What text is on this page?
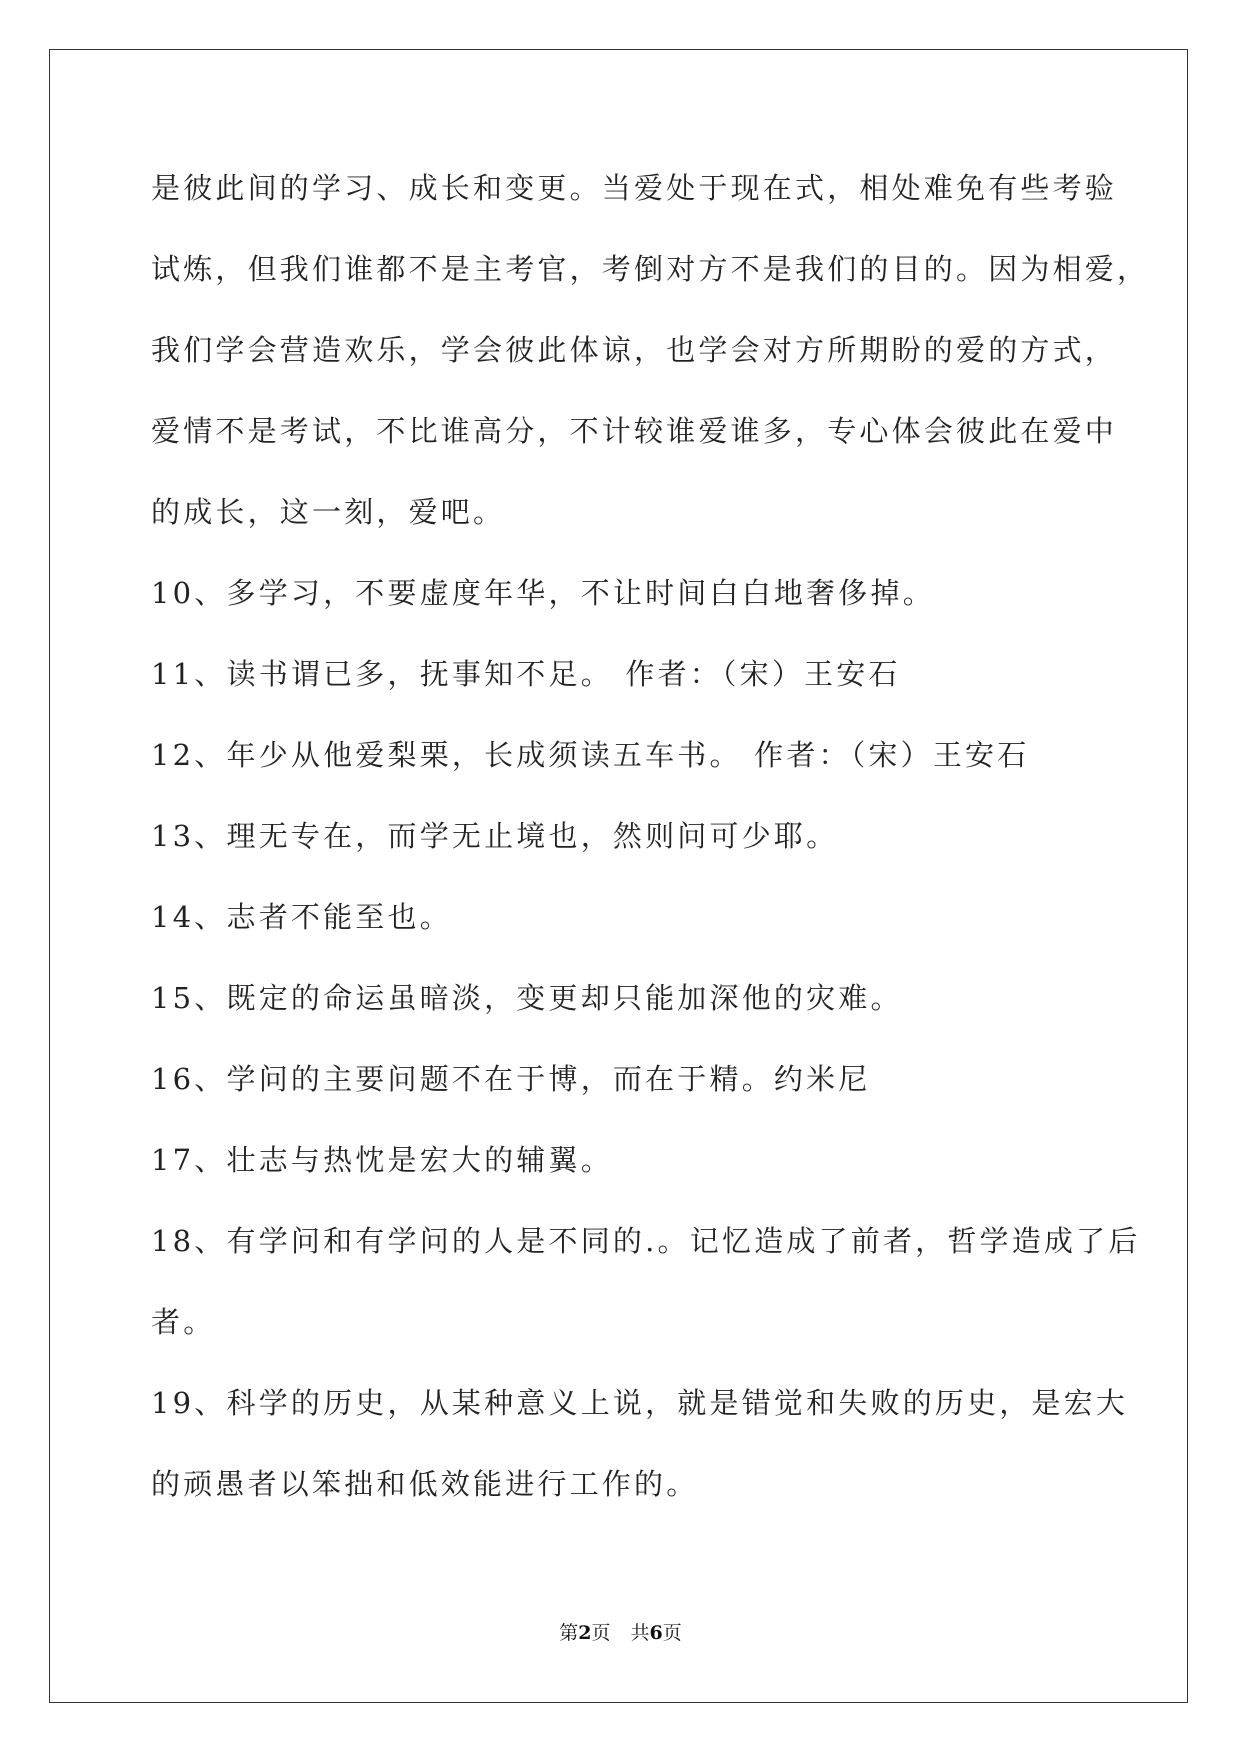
是彼此间的学习、成长和变更。当爱处于现在式，相处难免有些考验
试炼，但我们谁都不是主考官，考倒对方不是我们的目的。因为相爱，
我们学会营造欢乐，学会彼此体谅，也学会对方所期盼的爱的方式，
爱情不是考试，不比谁高分，不计较谁爱谁多，专心体会彼此在爱中
的成长，这一刻，爱吧。
10、多学习，不要虚度年华，不让时间白白地奢侈掉。
11、读书谓已多，抚事知不足。 作者：（宋）王安石
12、年少从他爱梨栗，长成须读五车书。 作者：（宋）王安石
13、理无专在，而学无止境也，然则问可少耶。
14、志者不能至也。
15、既定的命运虽暗淡，变更却只能加深他的灾难。
16、学问的主要问题不在于博，而在于精。约米尼
17、壮志与热忱是宏大的辅翼。
18、有学问和有学问的人是不同的.。记忆造成了前者，哲学造成了后
者。
19、科学的历史，从某种意义上说，就是错觉和失败的历史，是宏大
的顽愚者以笨拙和低效能进行工作的。
第2页 共6页
